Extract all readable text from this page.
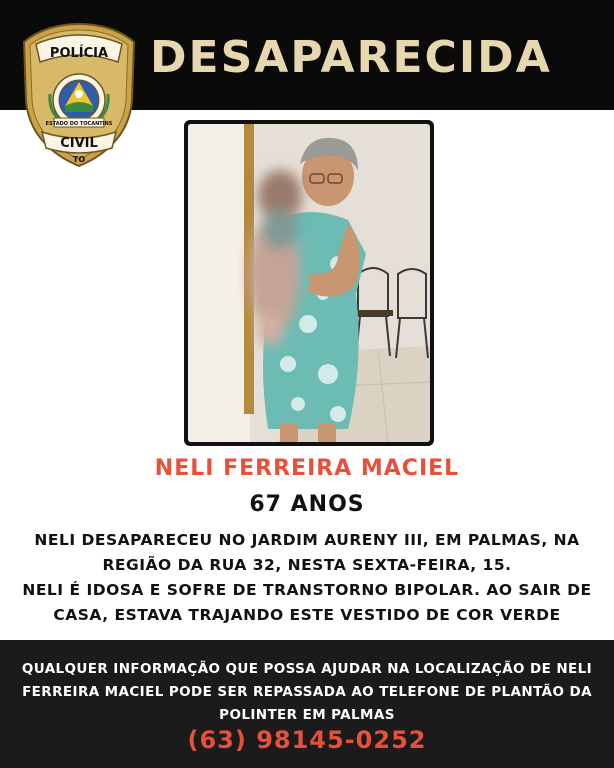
DESAPARECIDA
POLÍCIA
ESTADO DO TOCANTINS
CIVIL
TO
NELI FERREIRA MACIEL
67 ANOS
NELI DESAPARECEU NO JARDIM AURENY III, EM PALMAS, NA
REGIÃO DA RUA 32, NESTA SEXTA-FEIRA, 15.
NELI É IDOSA E SOFRE DE TRANSTORNO BIPOLAR. AO SAIR DE
CASA, ESTAVA TRAJANDO ESTE VESTIDO DE COR VERDE
QUALQUER INFORMAÇÃO QUE POSSA AJUDAR NA LOCALIZAÇÃO DE NELI
FERREIRA MACIEL PODE SER REPASSADA AO TELEFONE DE PLANTÃO DA
POLINTER EM PALMAS
(63) 98145-0252
